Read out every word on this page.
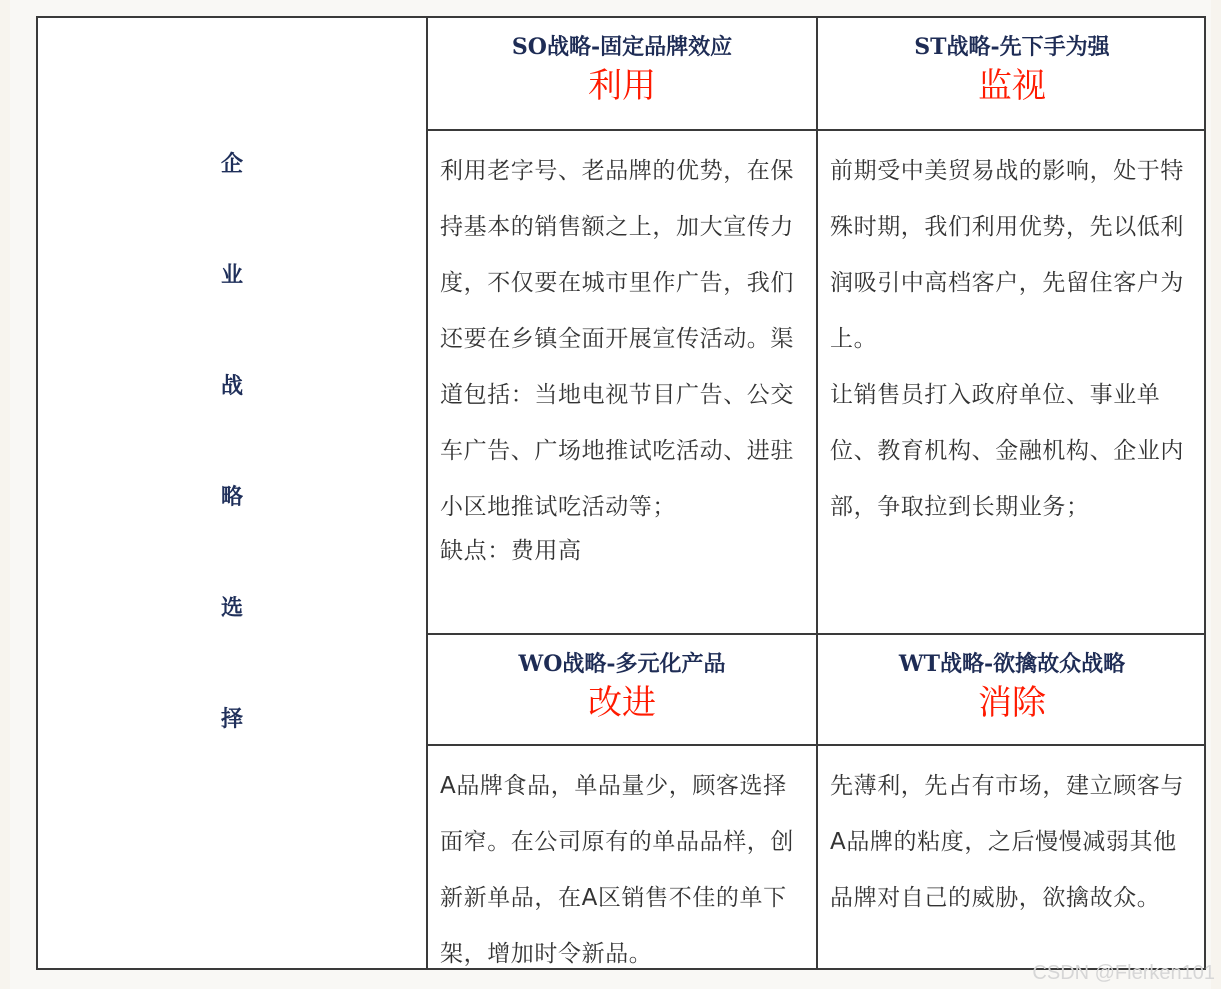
企
业
战
略
选
择
SO战略-固定品牌效应
利用
ST战略-先下手为强
监视
利用老字号、老品牌的优势，在保持基本的销售额之上，加大宣传力度，不仅要在城市里作广告，我们还要在乡镇全面开展宣传活动。渠道包括：当地电视节目广告、公交车广告、广场地推试吃活动、进驻小区地推试吃活动等；
缺点：费用高
前期受中美贸易战的影响，处于特殊时期，我们利用优势，先以低利润吸引中高档客户，先留住客户为上。
让销售员打入政府单位、事业单位、教育机构、金融机构、企业内部，争取拉到长期业务；
WO战略-多元化产品
改进
WT战略-欲擒故众战略
消除
A品牌食品，单品量少，顾客选择面窄。在公司原有的单品品样，创新新单品，在A区销售不佳的单下架，增加时令新品。
先薄利，先占有市场，建立顾客与A品牌的粘度，之后慢慢减弱其他品牌对自己的威胁，欲擒故众。
CSDN @Flerken101
